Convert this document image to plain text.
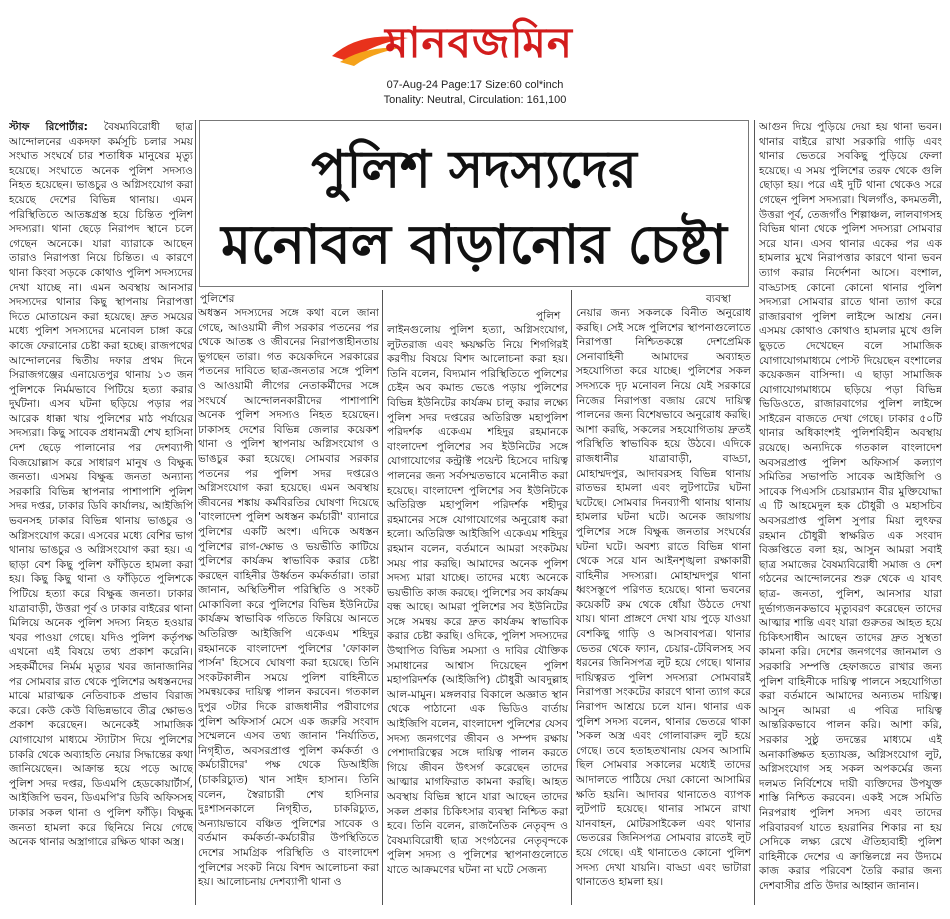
মানবজমিন
07-Aug-24 Page:17 Size:60 col*inch
Tonality: Neutral, Circulation: 161,100
পুলিশ সদস্যদের
মনোবল বাড়ানোর চেষ্টা
পুলিশের
পুলিশ
ব্যবস্থা

স্টাফ রিপোর্টার: বৈষম্যবিরোধী ছাত্র আন্দোলনের একদফা কর্মসূচি চলার সময় সংঘাত সংঘর্ষে চার শতাধিক মানুষের মৃত্যু হয়েছে। সংঘাতে অনেক পুলিশ সদস্যও নিহত হয়েছেন। ভাঙচুর ও অগ্নিসংযোগ করা হয়েছে দেশের বিভিন্ন থানায়। এমন পরিস্থিতিতে আতঙ্কগ্রস্ত হয়ে চিন্তিত পুলিশ সদস্যরা। থানা ছেড়ে নিরাপদ স্থানে চলে গেছেন অনেকে। যারা ব্যারাকে আছেন তারাও নিরাপত্তা নিয়ে চিন্তিত। এ কারণে থানা কিংবা সড়কে কোথাও পুলিশ সদস্যদের দেখা যাচ্ছে না। এমন অবস্থায় আনসার সদস্যদের থানার কিছু স্থাপনায় নিরাপত্তা দিতে মোতায়েন করা হয়েছে। দ্রুত সময়ের মধ্যে পুলিশ সদস্যদের মনোবল চাঙ্গা করে কাজে ফেরানোর চেষ্টা করা হচ্ছে। রাজপথের আন্দোলনের দ্বিতীয় দফার প্রথম দিনে সিরাজগঞ্জের এনায়েতপুর থানায় ১৩ জন পুলিশকে নির্মমভাবে পিটিয়ে হত্যা করার দুর্ঘটনা। এসব ঘটনা ছড়িয়ে পড়ার পর আরেক ধাক্কা খায় পুলিশের মাঠ পর্যায়ের সদস্যরা। কিছু সাবেক প্রধানমন্ত্রী শেখ হাসিনা দেশ ছেড়ে পালানোর পর দেশব্যাপী বিজয়োল্লাস করে সাধারণ মানুষ ও বিক্ষুব্ধ জনতা। এসময় বিক্ষুব্ধ জনতা অন্যান্য সরকারি বিভিন্ন স্থাপনার পাশাপাশি পুলিশ সদর দপ্তর, ঢাকার ডিবি কার্যালয়, আইজিপি ভবনসহ ঢাকার বিভিন্ন থানায় ভাঙচুর ও অগ্নিসংযোগ করে। এসবের মধ্যে বেশির ভাগ থানায় ভাঙচুর ও অগ্নিসংযোগ করা হয়। এ ছাড়া বেশ কিছু পুলিশ ফাঁড়িতে হামলা করা হয়। কিছু কিছু থানা ও ফাঁড়িতে পুলিশকে পিটিয়ে হত্যা করে বিক্ষুব্ধ জনতা। ঢাকার যাত্রাবাড়ী, উত্তরা পূর্ব ও ঢাকার বাইরের থানা মিলিয়ে অনেক পুলিশ সদস্য নিহত হওয়ার খবর পাওয়া গেছে। যদিও পুলিশ কর্তৃপক্ষ এখনো এই বিষয়ে তথ্য প্রকাশ করেনি। সহকর্মীদের নির্মম মৃত্যুর খবর জানাজানির পর সোমবার রাত থেকে পুলিশের অধস্তনদের মাঝে মারাত্মক নেতিবাচক প্রভাব বিরাজ করে। কেউ কেউ বিভিন্নভাবে তীব্র ক্ষোভও প্রকাশ করেছেন। অনেকেই সামাজিক যোগাযোগ মাধ্যমে স্ট্যাটাস দিয়ে পুলিশের চাকরি থেকে অব্যাহতি নেয়ার সিদ্ধান্তের কথা জানিয়েছেন। আক্রান্ত হয়ে পড়ে আছে পুলিশ সদর দপ্তর, ডিএমপি হেডকোয়ার্টার্স, আইজিপি ভবন, ডিএমপি'র ডিবি অফিসসহ ঢাকার সকল থানা ও পুলিশ ফাঁড়ি। বিক্ষুব্ধ জনতা হামলা করে ছিনিয়ে নিয়ে গেছে অনেক থানার অস্ত্রাগারে রক্ষিত থাকা অস্ত্র।

অধস্তন সদস্যদের সঙ্গে কথা বলে জানা গেছে, আওয়ামী লীগ সরকার পতনের পর থেকে আতঙ্ক ও জীবনের নিরাপত্তাহীনতায় ভুগছেন তারা। গত কয়েকদিনে সরকারের পতনের দাবিতে ছাত্র-জনতার সঙ্গে পুলিশ ও আওয়ামী লীগের নেতাকর্মীদের সঙ্গে সংঘর্ষে আন্দোলনকারীদের পাশাপাশি অনেক পুলিশ সদস্যও নিহত হয়েছেন। ঢাকাসহ দেশের বিভিন্ন জেলার কয়েকশ থানা ও পুলিশ স্থাপনায় অগ্নিসংযোগ ও ভাঙচুর করা হয়েছে। সোমবার সরকার পতনের পর পুলিশ সদর দপ্তরেও অগ্নিসংযোগ করা হয়েছে। এমন অবস্থায় জীবনের শঙ্কায় কর্মবিরতির ঘোষণা দিয়েছে 'বাংলাদেশ পুলিশ অধস্তন কর্মচারী' ব্যানারে পুলিশের একটি অংশ। এদিকে অধস্তন পুলিশের রাগ-ক্ষোভ ও ভয়ভীতি কাটিয়ে পুলিশের কার্যক্রম স্বাভাবিক করার চেষ্টা করছেন বাহিনীর উর্ধ্বতন কর্মকর্তারা। তারা জানান, অস্থিতিশীল পরিস্থিতি ও সংকট মোকাবিলা করে পুলিশের বিভিন্ন ইউনিটের কার্যক্রম স্বাভাবিক গতিতে ফিরিয়ে আনতে অতিরিক্ত আইজিপি একেএম শহিদুর রহমানকে বাংলাদেশ পুলিশের 'ফোকাল পার্সন' হিসেবে ঘোষণা করা হয়েছে। তিনি সংকটকালীন সময়ে পুলিশ বাহিনীতে সমন্বয়কের দায়িত্ব পালন করবেন। গতকাল দুপুর ৩টার দিকে রাজধানীর পরীবাগের পুলিশ অফিসার্স মেসে এক জরুরি সংবাদ সম্মেলনে এসব তথ্য জানান 'নির্যাতিত, নিগৃহীত, অবসরপ্রাপ্ত পুলিশ কর্মকর্তা ও কর্মচারীদের' পক্ষ থেকে ডিআইজি (চাকরিচ্যুত) খান সাইদ হাসান। তিনি বলেন, স্বৈরাচারী শেখ হাসিনার দুঃশাসনকালে নিগৃহীত, চাকরিচ্যুত, অন্যায়ভাবে বঞ্চিত পুলিশের সাবেক ও বর্তমান কর্মকর্তা-কর্মচারীর উপস্থিতিতে দেশের সামগ্রিক পরিস্থিতি ও বাংলাদেশ পুলিশের সংকট নিয়ে বিশদ আলোচনা করা হয়। আলোচনায় দেশব্যাপী থানা ও

লাইনগুলোয় পুলিশ হত্যা, অগ্নিসংযোগ, লুটতরাজ এবং ক্ষয়ক্ষতি নিয়ে শিগগিরই করণীয় বিষয়ে বিশদ আলোচনা করা হয়। তিনি বলেন, বিদ্যমান পরিস্থিতিতে পুলিশের চেইন অব কমান্ড ভেঙে পড়ায় পুলিশের বিভিন্ন ইউনিটের কার্যক্রম চালু করার লক্ষ্যে পুলিশ সদর দপ্তরের অতিরিক্ত মহাপুলিশ পরিদর্শক একেএম শহিদুর রহমানকে বাংলাদেশ পুলিশের সব ইউনিটের সঙ্গে যোগাযোগের কন্ট্রাক্ট পয়েন্ট হিসেবে দায়িত্ব পালনের জন্য সর্বসম্মতভাবে মনোনীত করা হয়েছে। বাংলাদেশ পুলিশের সব ইউনিটকে অতিরিক্ত মহাপুলিশ পরিদর্শক শহীদুর রহমানের সঙ্গে যোগাযোগের অনুরোধ করা হলো। অতিরিক্ত আইজিপি একেএম শহিদুর রহমান বলেন, বর্তমানে আমরা সংকটময় সময় পার করছি। আমাদের অনেক পুলিশ সদস্য মারা যাচ্ছে। তাদের মধ্যে অনেকে ভয়ভীতি কাজ করছে। পুলিশের সব কার্যক্রম বন্ধ আছে। আমরা পুলিশের সব ইউনিটের সঙ্গে সমন্বয় করে দ্রুত কার্যক্রম স্বাভাবিক করার চেষ্টা করছি। ওদিকে, পুলিশ সদস্যদের উত্থাপিত বিভিন্ন সমস্যা ও দাবির যৌক্তিক সমাধানের আশ্বাস দিয়েছেন পুলিশ মহাপরিদর্শক (আইজিপি) চৌধুরী আবদুল্লাহ আল-মামুন। মঙ্গলবার বিকালে অজ্ঞাত স্থান থেকে পাঠানো এক ভিডিও বার্তায় আইজিপি বলেন, বাংলাদেশ পুলিশের যেসব সদস্য জনগণের জীবন ও সম্পদ রক্ষায় পেশাদারিত্বের সঙ্গে দায়িত্ব পালন করতে গিয়ে জীবন উৎসর্গ করেছেন তাদের আত্মার মাগফিরাত কামনা করছি। আহত অবস্থায় বিভিন্ন স্থানে যারা আছেন তাদের সকল প্রকার চিকিৎসার ব্যবস্থা নিশ্চিত করা হবে। তিনি বলেন, রাজনৈতিক নেতৃবৃন্দ ও বৈষম্যবিরোধী ছাত্র সংগঠনের নেতৃবৃন্দকে পুলিশ সদস্য ও পুলিশের স্থাপনাগুলোতে যাতে আক্রমণের ঘটনা না ঘটে সেজন্য

নেয়ার জন্য সকলকে বিনীত অনুরোধ করছি। সেই সঙ্গে পুলিশের স্থাপনাগুলোতে নিরাপত্তা নিশ্চিতকল্পে দেশপ্রেমিক সেনাবাহিনী আমাদের অব্যাহত সহযোগিতা করে যাচ্ছে। পুলিশের সকল সদস্যকে দৃঢ় মনোবল নিয়ে যেই সরকারে নিজের নিরাপত্তা বজায় রেখে দায়িত্ব পালনের জন্য বিশেষভাবে অনুরোধ করছি। আশা করছি, সকলের সহযোগিতায় দ্রুতই পরিস্থিতি স্বাভাবিক হয়ে উঠবে। এদিকে রাজধানীর যাত্রাবাড়ী, বাড্ডা, মোহাম্মদপুর, আদাবরসহ বিভিন্ন থানায় রাতভর হামলা এবং লুটপাটের ঘটনা ঘটেছে। সোমবার দিনব্যাপী থানায় থানায় হামলার ঘটনা ঘটে। অনেক জায়গায় পুলিশের সঙ্গে বিক্ষুব্ধ জনতার সংঘর্ষের ঘটনা ঘটে। অবশ্য রাতে বিভিন্ন থানা থেকে সরে যান আইনশৃঙ্খলা রক্ষাকারী বাহিনীর সদস্যরা। মোহাম্মদপুর থানা ধ্বংসস্তূপে পরিণত হয়েছে। থানা ভবনের কয়েকটি রুম থেকে ধোঁয়া উঠতে দেখা যায়। থানা প্রাঙ্গণে দেখা যায় পুড়ে যাওয়া বেশকিছু গাড়ি ও আসবাবপত্র। থানার ভেতর থেকে ফ্যান, চেয়ার-টেবিলসহ সব ধরনের জিনিসপত্র লুট হয়ে গেছে। থানার দায়িত্বরত পুলিশ সদস্যরা সোমবারই নিরাপত্তা সংকটের কারণে থানা ত্যাগ করে নিরাপদ আশ্রয়ে চলে যান। থানার এক পুলিশ সদস্য বলেন, থানার ভেতরে থাকা 'সকল অস্ত্র এবং গোলাবারুদ লুট হয়ে গেছে। তবে হতাহতখানায় যেসব আসামি ছিল সোমবার সকালের মধ্যেই তাদের আদালতে পাঠিয়ে দেয়া কোনো আসামির ক্ষতি হয়নি। আদাবর থানাতেও ব্যাপক লুটপাট হয়েছে। থানার সামনে রাখা যানবাহন, মোটরসাইকেল এবং থানার ভেতরের জিনিসপত্র সোমবার রাতেই লুট হয়ে গেছে। এই থানাতেও কোনো পুলিশ সদস্য দেখা যায়নি। বাড্ডা এবং ভাটারা থানাতেও হামলা হয়।

আগুন দিয়ে পুড়িয়ে দেয়া হয় থানা ভবন। থানার বাইরে রাখা সরকারি গাড়ি এবং থানার ভেতরে সবকিছু পুড়িয়ে ফেলা হয়েছে। এ সময় পুলিশের তরফ থেকে গুলি ছোড়া হয়। পরে এই দুটি থানা থেকেও সরে গেছেন পুলিশ সদস্যরা। খিলগাঁও, কদমতলী, উত্তরা পূর্ব, তেজগাঁও শিল্পাঞ্চল, লালবাগসহ বিভিন্ন থানা থেকে পুলিশ সদস্যরা সোমবার সরে যান। এসব থানার একের পর এক হামলার মুখে নিরাপত্তার কারণে থানা ভবন ত্যাগ করার নির্দেশনা আসে। বংশাল, বাড্ডাসহ কোনো কোনো থানার পুলিশ সদস্যরা সোমবার রাতে থানা ত্যাগ করে রাজারবাগ পুলিশ লাইন্সে আশ্রয় নেন। এসময় কোথাও কোথাও হামলার মুখে গুলি ছুড়তে দেখেছেন বলে সামাজিক যোগাযোগমাধ্যমে পোস্ট দিয়েছেন বংশালের কয়েকজন বাসিন্দা। এ ছাড়া সামাজিক যোগাযোগমাধ্যমে ছড়িয়ে পড়া বিভিন্ন ভিডিওতে, রাজারবাগের পুলিশ লাইন্সে সাইরেন বাজতে দেখা গেছে। ঢাকার ৫০টি থানার অধিকাংশই পুলিশবিহীন অবস্থায় রয়েছে। অন্যদিকে গতকাল বাংলাদেশ অবসরপ্রাপ্ত পুলিশ অফিসার্স কল্যাণ সমিতির সভাপতি সাবেক আইজিপি ও সাবেক পিএসসি চেয়ারম্যান বীর মুক্তিযোদ্ধা এ টি আহমেদুল হক চৌধুরী ও মহাসচিব অবসরপ্রাপ্ত পুলিশ সুপার মিয়া লুৎফর রহমান চৌধুরী স্বাক্ষরিত এক সংবাদ বিজ্ঞপ্তিতে বলা হয়, আসুন আমরা সবাই ছাত্র সমাজের বৈষম্যবিরোধী সমাজ ও দেশ গঠনের আন্দোলনের শুরু থেকে এ যাবৎ ছাত্র- জনতা, পুলিশ, আনসার যারা দুর্ভাগ্যজনকভাবে মৃত্যুবরণ করেছেন তাদের আত্মার শান্তি এবং যারা গুরুতর আহত হয়ে চিকিৎসাধীন আছেন তাদের দ্রুত সুস্থতা কামনা করি। দেশের জনগণের জানমাল ও সরকারি সম্পত্তি হেফাজতে রাখার জন্য পুলিশ বাহিনীকে দায়িত্ব পালনে সহযোগিতা করা বর্তমানে আমাদের অন্যতম দায়িত্ব। আসুন আমরা এ পবিত্র দায়িত্ব আন্তরিকভাবে পালন করি। আশা করি, সরকার সুষ্ঠু তদন্তের মাধ্যমে এই অনাকাঙ্ক্ষিত হত্যাযজ্ঞ, অগ্নিসংযোগ লুট, অগ্নিসংযোগ সহ সকল অপকর্মের জন্য দলমত নির্বিশেষে দায়ী ব্যক্তিদের উপযুক্ত শাস্তি নিশ্চিত করবেন। একই সঙ্গে সমিতি নিরপরাধ পুলিশ সদস্য এবং তাদের পরিবারবর্গ যাতে হয়রানির শিকার না হয় সেদিকে লক্ষ্য রেখে ঐতিহ্যবাহী পুলিশ বাহিনীকে দেশের এ ক্রান্তিলগ্নে নব উদ্যমে কাজ করার পরিবেশ তৈরি করার জন্য দেশবাসীর প্রতি উদার আহ্বান জানান।
